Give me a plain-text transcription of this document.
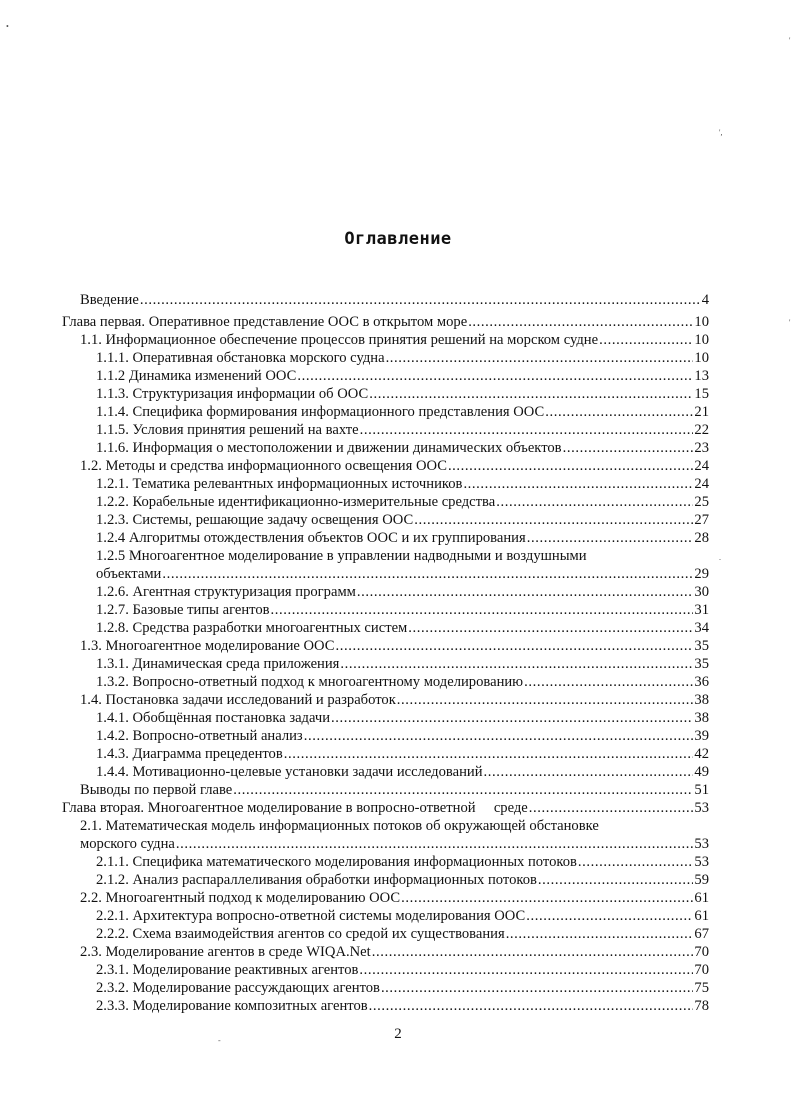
•
'
',
'
.
-
Оглавление
Введение .....	4
Глава первая. Оперативное представление ООС в открытом море .....	10
1.1. Информационное обеспечение процессов принятия решений на морском судне .....	10
1.1.1. Оперативная обстановка морского судна .....	10
1.1.2 Динамика изменений ООС .....	13
1.1.3. Структуризация информации об ООС .....	15
1.1.4. Специфика формирования информационного представления ООС .....	21
1.1.5. Условия принятия решений на вахте .....	22
1.1.6. Информация о местоположении и движении динамических объектов .....	23
1.2. Методы и средства информационного освещения ООС .....	24
1.2.1. Тематика релевантных информационных источников .....	24
1.2.2. Корабельные идентификационно-измерительные средства .....	25
1.2.3. Системы, решающие задачу освещения ООС .....	27
1.2.4 Алгоритмы отождествления объектов ООС и их группирования .....	28
1.2.5 Многоагентное моделирование в управлении надводными и воздушными
объектами .....	29
1.2.6. Агентная структуризация программ .....	30
1.2.7. Базовые типы агентов .....	31
1.2.8. Средства разработки многоагентных систем .....	34
1.3. Многоагентное моделирование ООС .....	35
1.3.1. Динамическая среда приложения .....	35
1.3.2. Вопросно-ответный подход к многоагентному моделированию .....	36
1.4. Постановка задачи исследований и разработок .....	38
1.4.1. Обобщённая постановка задачи .....	38
1.4.2. Вопросно-ответный анализ .....	39
1.4.3. Диаграмма прецедентов .....	42
1.4.4. Мотивационно-целевые установки задачи исследований .....	49
Выводы по первой главе .....	51
Глава вторая. Многоагентное моделирование в вопросно-ответной     среде .....	53
2.1. Математическая модель информационных потоков об окружающей обстановке
морского судна .....	53
2.1.1. Специфика математического моделирования информационных потоков .....	53
2.1.2. Анализ распараллеливания обработки информационных потоков .....	59
2.2. Многоагентный подход к моделированию ООС .....	61
2.2.1. Архитектура вопросно-ответной системы моделирования ООС .....	61
2.2.2. Схема взаимодействия агентов со средой их существования .....	67
2.3. Моделирование агентов в среде WIQA.Net .....	70
2.3.1. Моделирование реактивных агентов .....	70
2.3.2. Моделирование рассуждающих агентов .....	75
2.3.3. Моделирование композитных агентов .....	78
2
